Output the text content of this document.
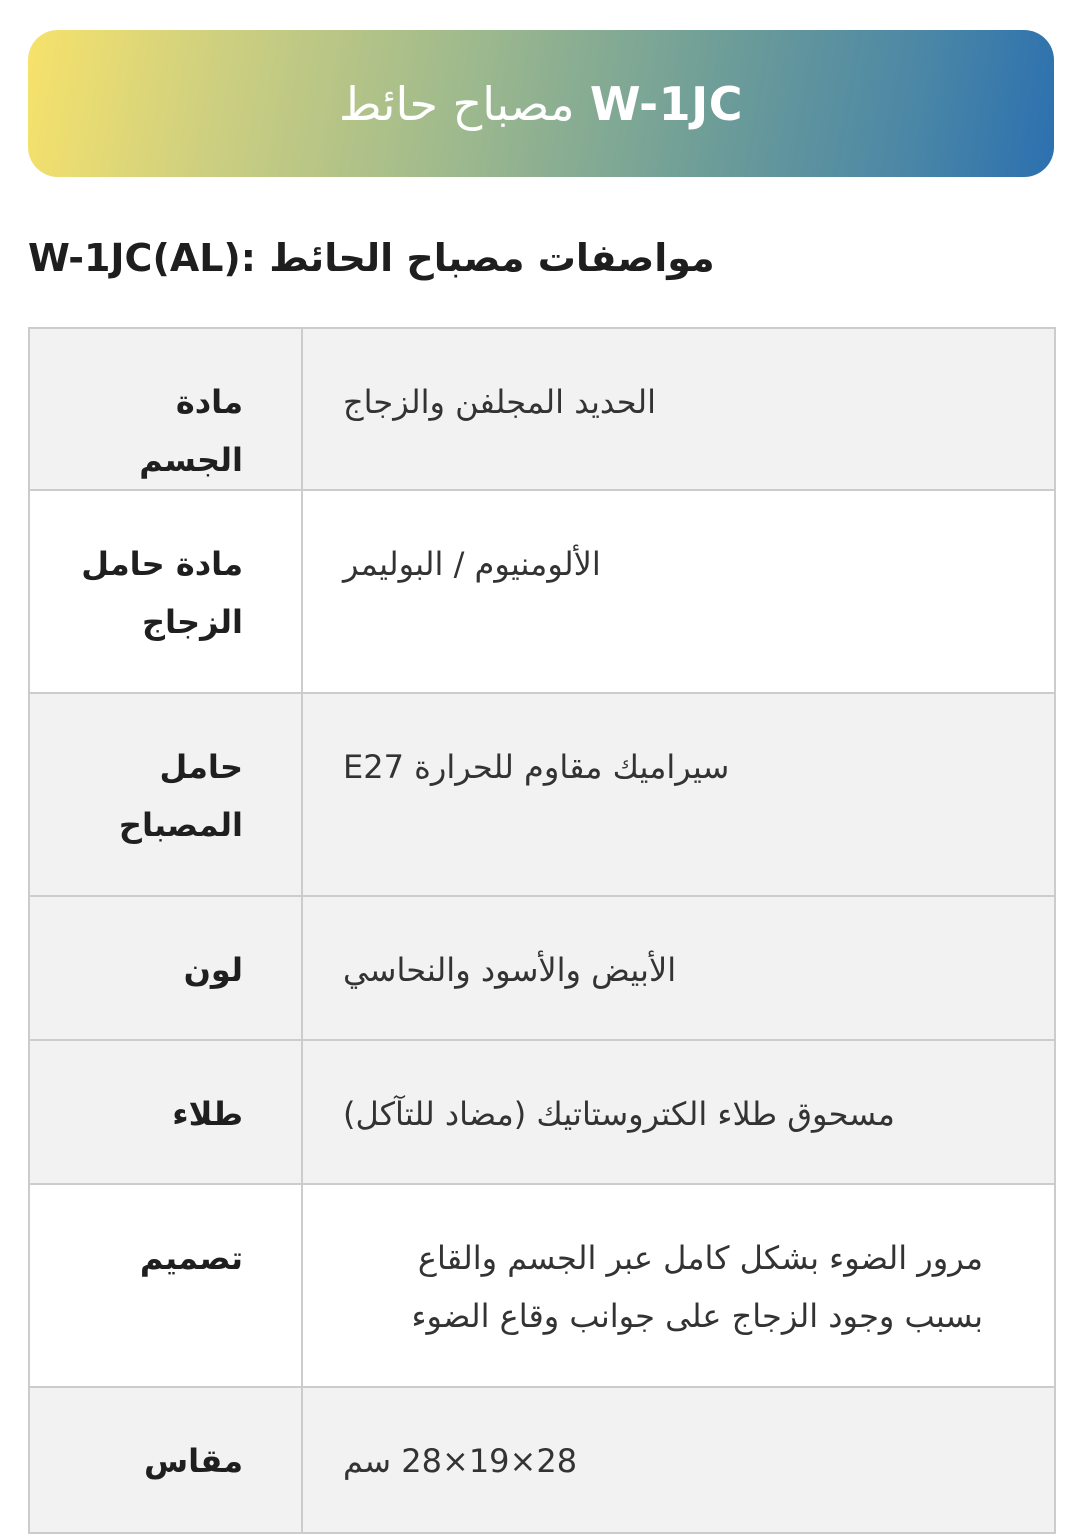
W-1JC مصباح حائط
مواصفات مصباح الحائط W-1JC(AL):
مادة الجسم	الحديد المجلفن والزجاج
مادة حامل الزجاج	الألومنيوم / البوليمر
حامل المصباح	سيراميك مقاوم للحرارة E27
لون	الأبيض والأسود والنحاسي
طلاء	مسحوق طلاء الكتروستاتيك (مضاد للتآكل)
تصميم	مرور الضوء بشكل كامل عبر الجسم والقاع بسبب وجود الزجاج على جوانب وقاع الضوء
مقاس	28×19×28 سم
